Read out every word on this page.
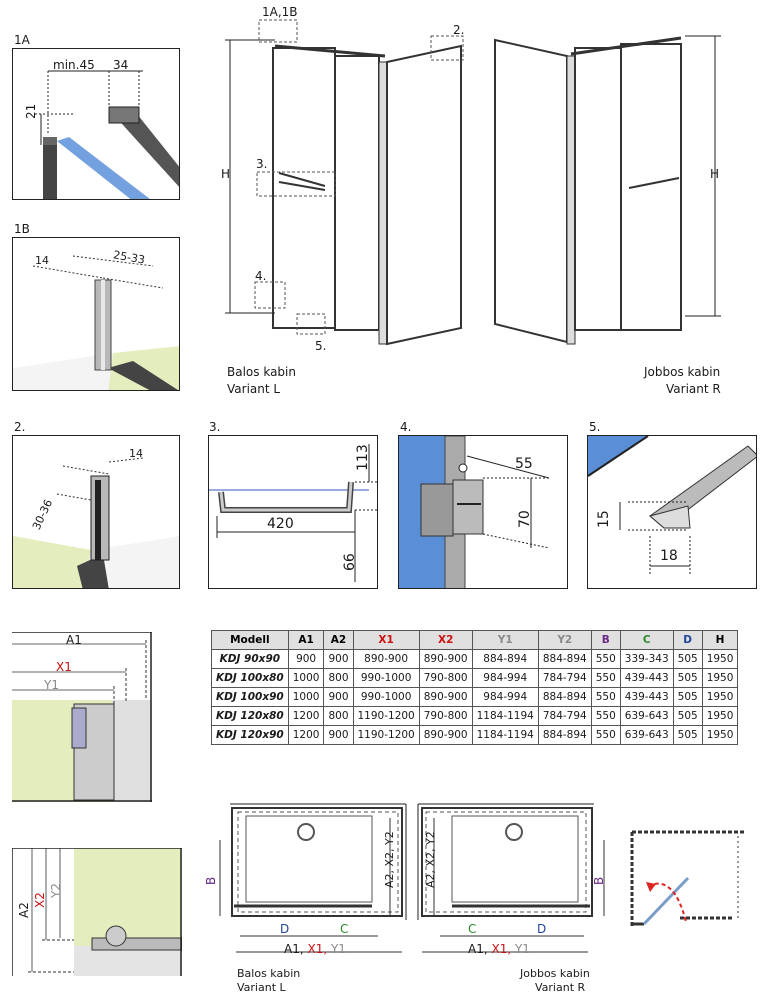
1A
1B
2.	3.	4.	5.
min.45 34
21
14	25-33
14
30-36	420
113
66
55
70	15
18
1A,1B
2.
3.
4.
5.
H	H
Balos kabin
Variant L
Jobbos kabin
Variant R
A1
X1
Y1
A2
X2
Y2
Modell	A1	A2	X1	X2	Y1	Y2	B	C	D	H
KDJ 90x90	900	900	890-900	890-900	884-894	884-894	550	339-343	505	1950
KDJ 100x80	1000	800	990-1000	790-800	984-994	784-794	550	439-443	505	1950
KDJ 100x90	1000	900	990-1000	890-900	984-994	884-894	550	439-443	505	1950
KDJ 120x80	1200	800	1190-1200	790-800	1184-1194	784-794	550	639-643	505	1950
KDJ 120x90	1200	900	1190-1200	890-900	1184-1194	884-894	550	639-643	505	1950
B
D	C
A2, X2, Y2
A1, X1, Y1
Balos kabin
Variant L
B
C	D
A2, X2, Y2
A1, X1, Y1
Jobbos kabin
Variant R
